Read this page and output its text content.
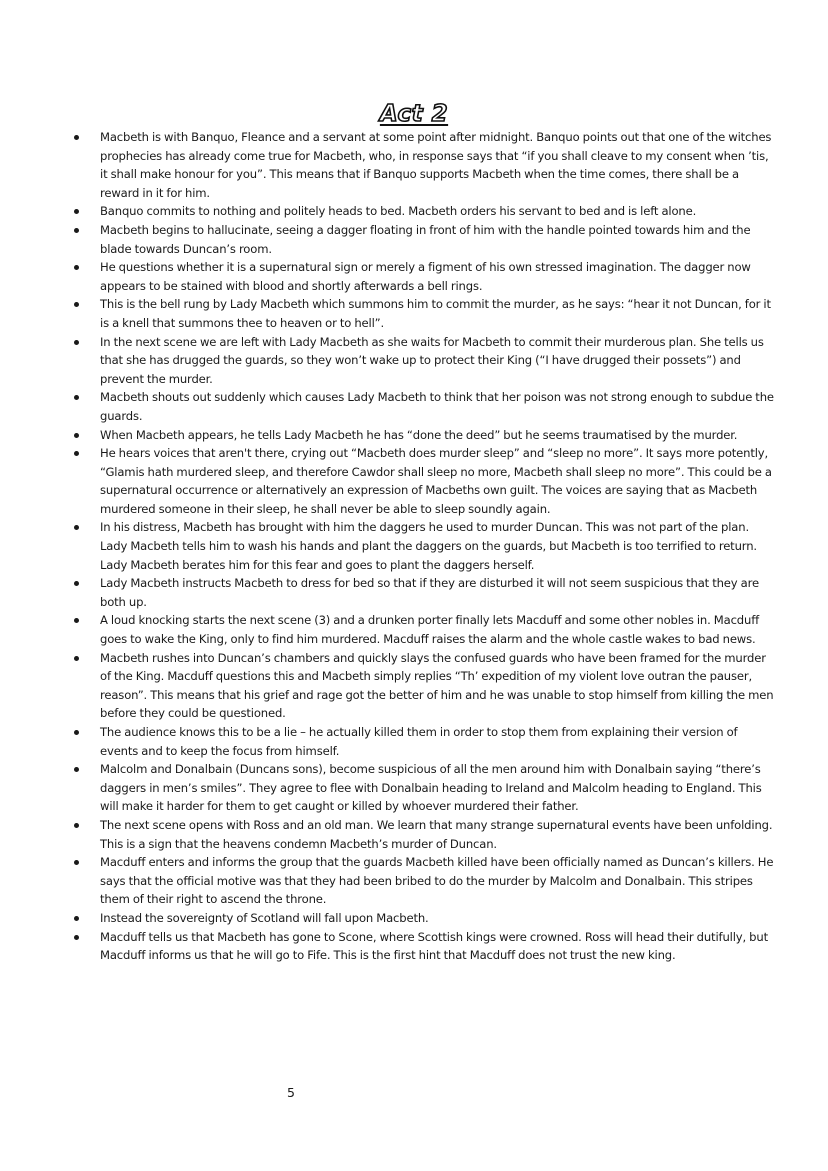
Act 2
Macbeth is with Banquo, Fleance and a servant at some point after midnight. Banquo points out that one of the witches prophecies has already come true for Macbeth, who, in response says that “if you shall cleave to my consent when ’tis, it shall make honour for you”. This means that if Banquo supports Macbeth when the time comes, there shall be a reward in it for him.
Banquo commits to nothing and politely heads to bed. Macbeth orders his servant to bed and is left alone.
Macbeth begins to hallucinate, seeing a dagger floating in front of him with the handle pointed towards him and the blade towards Duncan’s room.
He questions whether it is a supernatural sign or merely a figment of his own stressed imagination. The dagger now appears to be stained with blood and shortly afterwards a bell rings.
This is the bell rung by Lady Macbeth which summons him to commit the murder, as he says: “hear it not Duncan, for it is a knell that summons thee to heaven or to hell”.
In the next scene we are left with Lady Macbeth as she waits for Macbeth to commit their murderous plan. She tells us that she has drugged the guards, so they won’t wake up to protect their King (“I have drugged their possets”) and prevent the murder.
Macbeth shouts out suddenly which causes Lady Macbeth to think that her poison was not strong enough to subdue the guards.
When Macbeth appears, he tells Lady Macbeth he has “done the deed” but he seems traumatised by the murder.
He hears voices that aren't there, crying out “Macbeth does murder sleep” and “sleep no more”. It says more potently, “Glamis hath murdered sleep, and therefore Cawdor shall sleep no more, Macbeth shall sleep no more”. This could be a supernatural occurrence or alternatively an expression of Macbeths own guilt. The voices are saying that as Macbeth murdered someone in their sleep, he shall never be able to sleep soundly again.
In his distress, Macbeth has brought with him the daggers he used to murder Duncan. This was not part of the plan. Lady Macbeth tells him to wash his hands and plant the daggers on the guards, but Macbeth is too terrified to return. Lady Macbeth berates him for this fear and goes to plant the daggers herself.
Lady Macbeth instructs Macbeth to dress for bed so that if they are disturbed it will not seem suspicious that they are both up.
A loud knocking starts the next scene (3) and a drunken porter finally lets Macduff and some other nobles in. Macduff goes to wake the King, only to find him murdered. Macduff raises the alarm and the whole castle wakes to bad news.
Macbeth rushes into Duncan’s chambers and quickly slays the confused guards who have been framed for the murder of the King. Macduff questions this and Macbeth simply replies “Th’ expedition of my violent love outran the pauser, reason”. This means that his grief and rage got the better of him and he was unable to stop himself from killing the men before they could be questioned.
The audience knows this to be a lie – he actually killed them in order to stop them from explaining their version of events and to keep the focus from himself.
Malcolm and Donalbain (Duncans sons), become suspicious of all the men around him with Donalbain saying “there’s daggers in men’s smiles”. They agree to flee with Donalbain heading to Ireland and Malcolm heading to England. This will make it harder for them to get caught or killed by whoever murdered their father.
The next scene opens with Ross and an old man. We learn that many strange supernatural events have been unfolding. This is a sign that the heavens condemn Macbeth’s murder of Duncan.
Macduff enters and informs the group that the guards Macbeth killed have been officially named as Duncan’s killers. He says that the official motive was that they had been bribed to do the murder by Malcolm and Donalbain. This stripes them of their right to ascend the throne.
Instead the sovereignty of Scotland will fall upon Macbeth.
Macduff tells us that Macbeth has gone to Scone, where Scottish kings were crowned. Ross will head their dutifully, but Macduff informs us that he will go to Fife. This is the first hint that Macduff does not trust the new king.
5
